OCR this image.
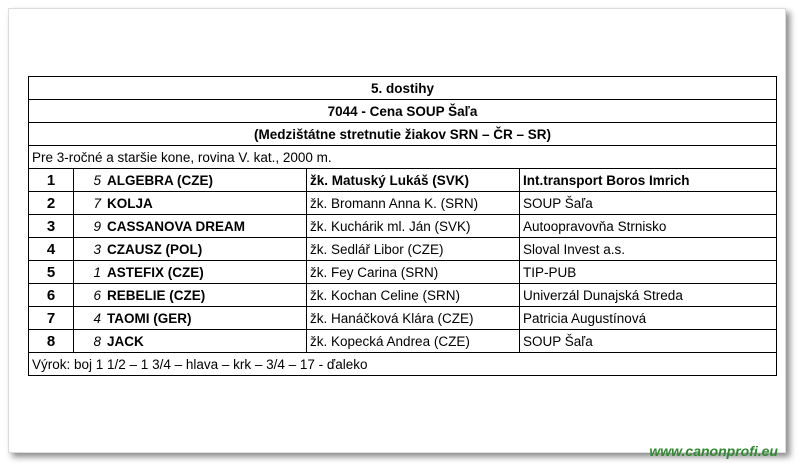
5. dostihy				
7044 - Cena SOUP Šaľa				
(Medzištátne stretnutie žiakov SRN – ČR – SR)				
Pre 3-ročné a staršie kone, rovina V. kat., 2000 m.				
1	5	ALGEBRA (CZE)	žk. Matuský Lukáš (SVK)	Int.transport Boros Imrich
2	7	KOLJA	žk. Bromann Anna K. (SRN)	SOUP Šaľa
3	9	CASSANOVA DREAM	žk. Kuchárik ml. Ján (SVK)	Autoopravovňa Strnisko
4	3	CZAUSZ (POL)	žk. Sedlář Libor (CZE)	Sloval Invest a.s.
5	1	ASTEFIX (CZE)	žk. Fey Carina (SRN)	TIP-PUB
6	6	REBELIE (CZE)	žk. Kochan Celine (SRN)	Univerzál Dunajská Streda
7	4	TAOMI (GER)	žk. Hanáčková Klára (CZE)	Patricia Augustínová
8	8	JACK	žk. Kopecká Andrea (CZE)	SOUP Šaľa
Výrok: boj 1 1/2 – 1 3/4 – hlava – krk – 3/4 – 17 - ďaleko				
www.canonprofi.eu
